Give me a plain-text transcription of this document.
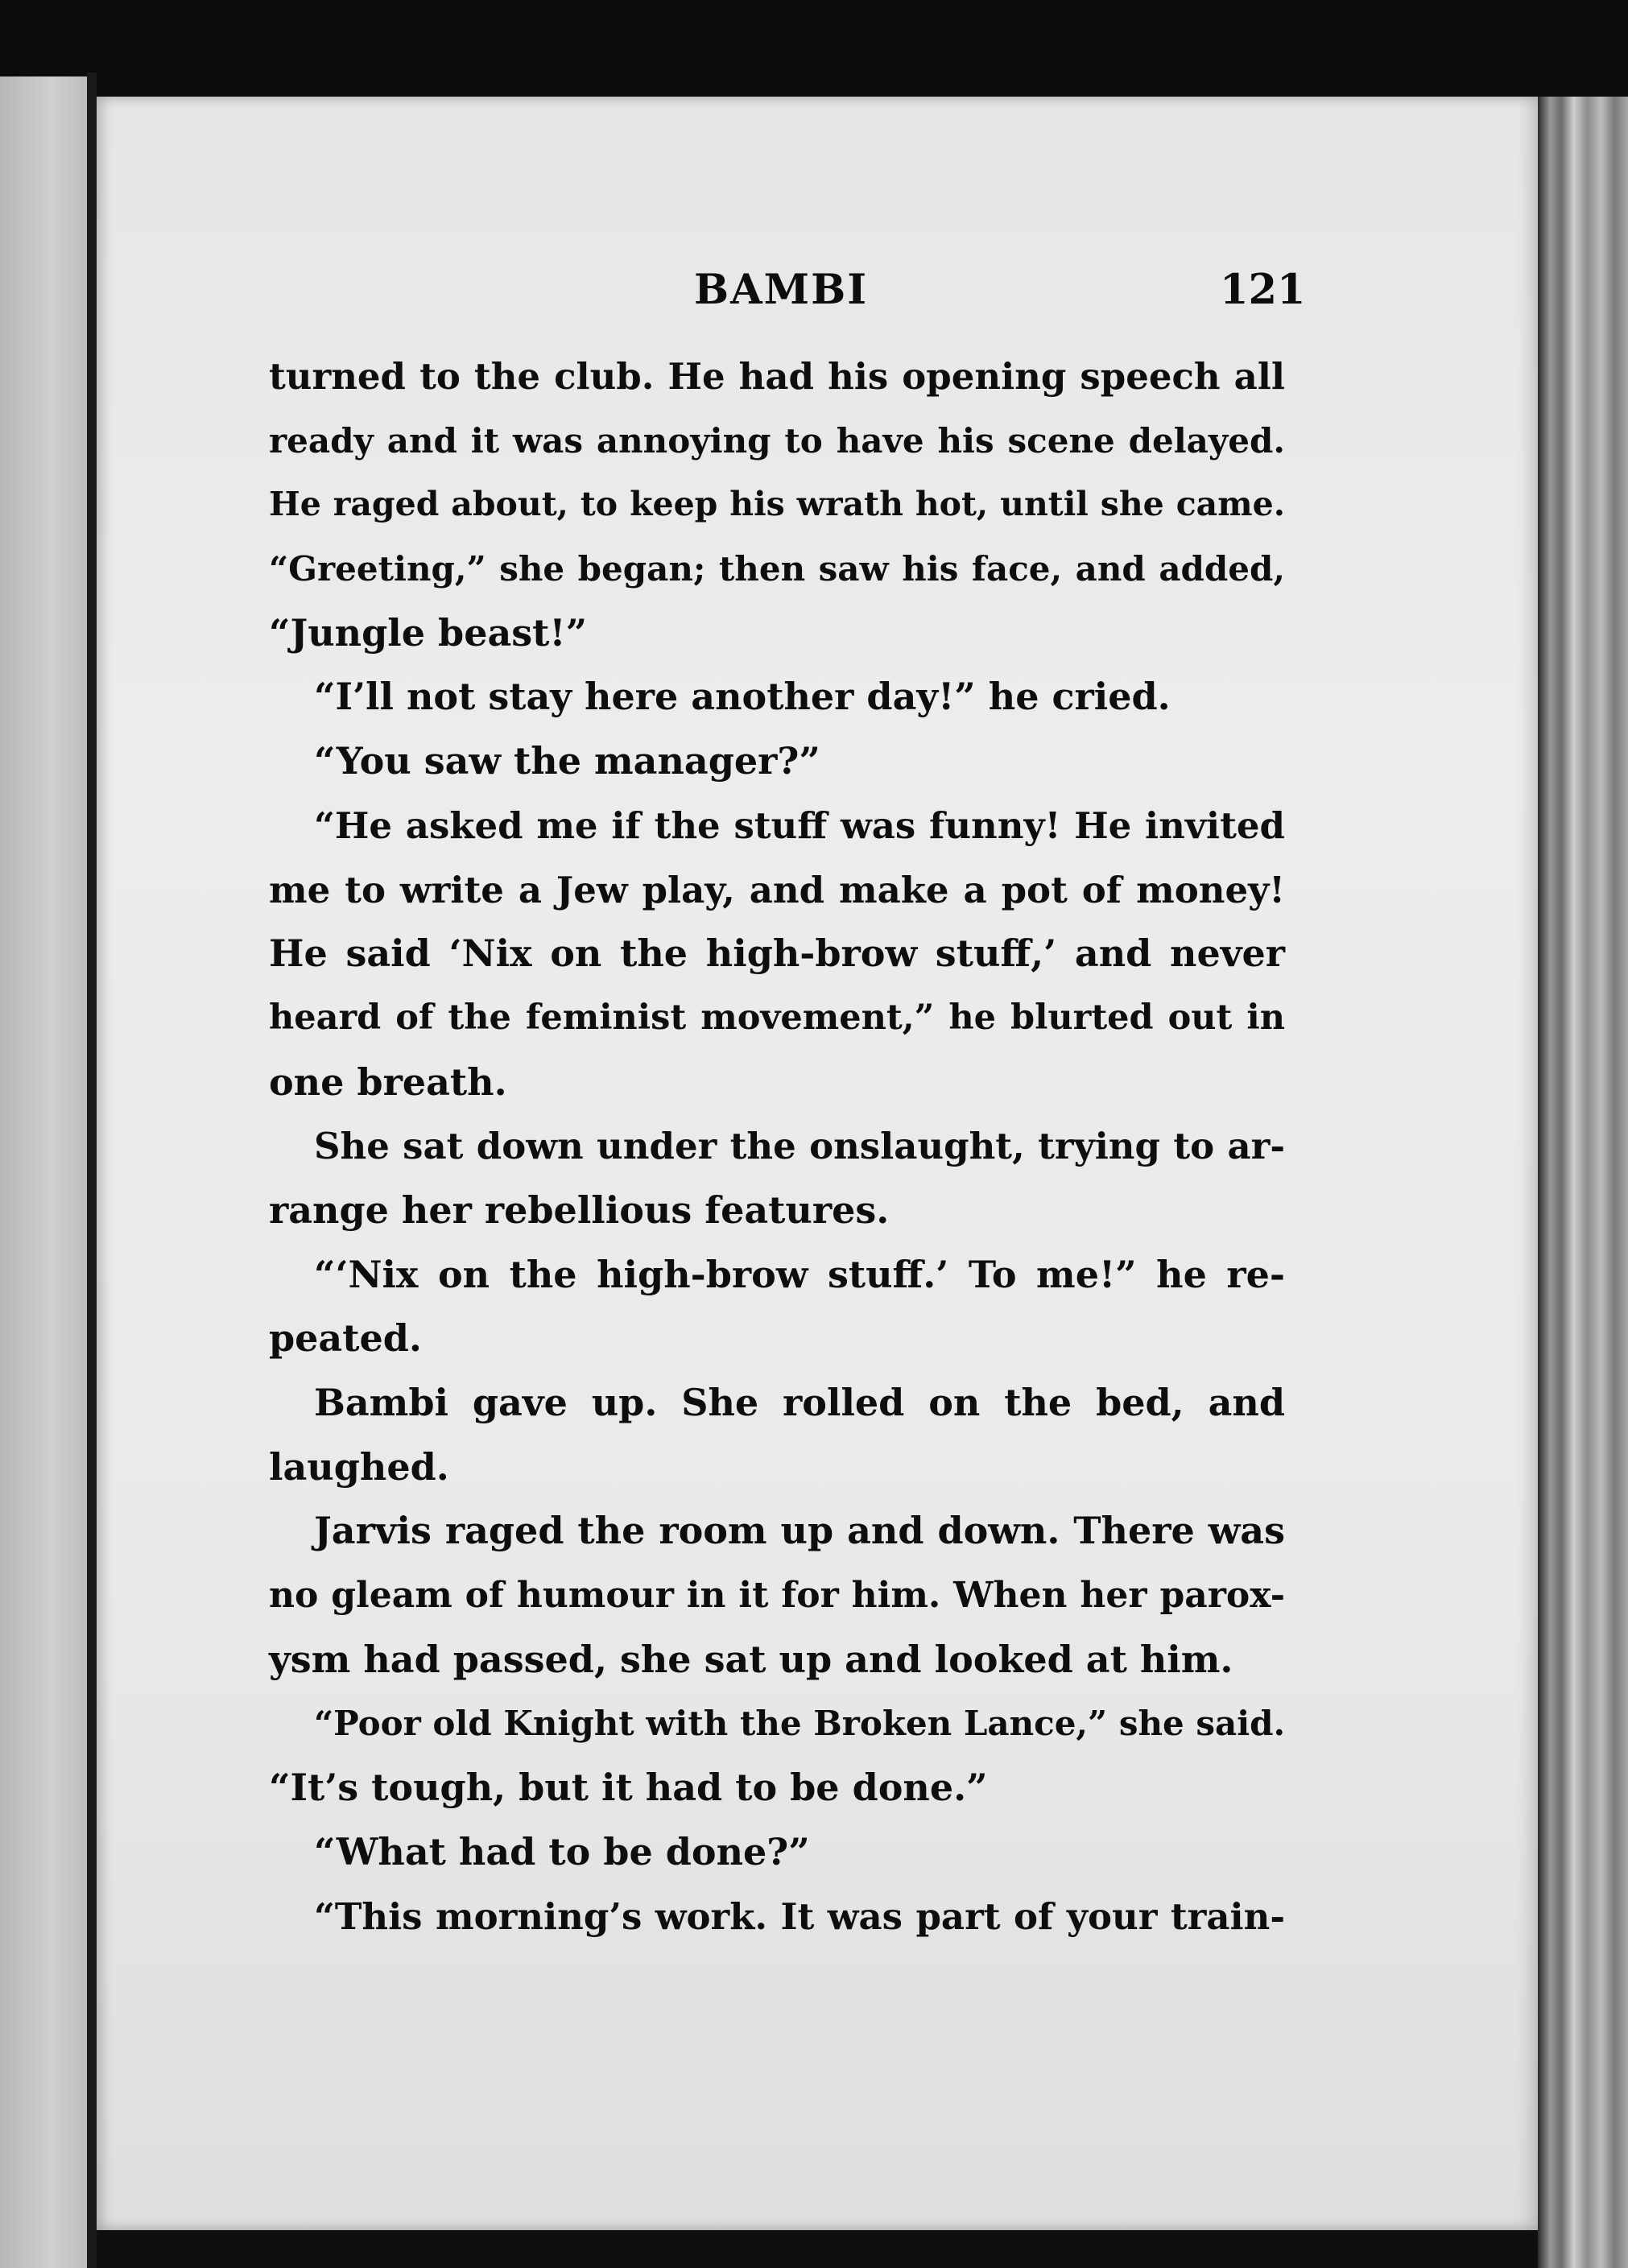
BAMBI	121
turned to the club. He had his opening speech all
ready and it was annoying to have his scene delayed.
He raged about, to keep his wrath hot, until she came.
“Greeting,” she began; then saw his face, and added,
“Jungle beast!”
“I’ll not stay here another day!” he cried.
“You saw the manager?”
“He asked me if the stuff was funny! He invited
me to write a Jew play, and make a pot of money!
He said ‘Nix on the high-brow stuff,’ and never
heard of the feminist movement,” he blurted out in
one breath.
She sat down under the onslaught, trying to ar-
range her rebellious features.
“‘Nix on the high-brow stuff.’ To me!” he re-
peated.
Bambi gave up. She rolled on the bed, and
laughed.
Jarvis raged the room up and down. There was
no gleam of humour in it for him. When her parox-
ysm had passed, she sat up and looked at him.
“Poor old Knight with the Broken Lance,” she said.
“It’s tough, but it had to be done.”
“What had to be done?”
“This morning’s work. It was part of your train-
